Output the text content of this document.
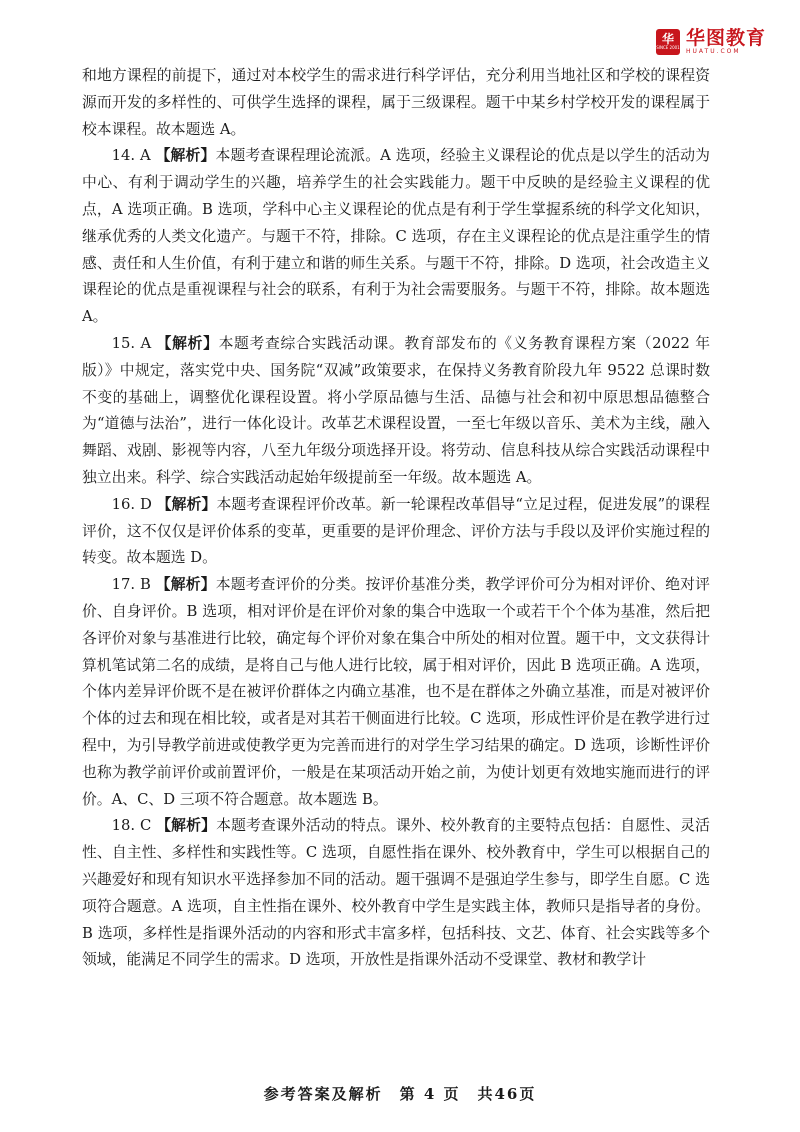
华
SINCE 2001 华图教育
HUATU.COM

和地方课程的前提下，通过对本校学生的需求进行科学评估，充分利用当地社区和学校的课程资源而开发的多样性的、可供学生选择的课程，属于三级课程。题干中某乡村学校开发的课程属于校本课程。故本题选 A。

14. A 【解析】本题考查课程理论流派。A 选项，经验主义课程论的优点是以学生的活动为中心、有利于调动学生的兴趣，培养学生的社会实践能力。题干中反映的是经验主义课程的优点，A 选项正确。B 选项，学科中心主义课程论的优点是有利于学生掌握系统的科学文化知识，继承优秀的人类文化遗产。与题干不符，排除。C 选项，存在主义课程论的优点是注重学生的情感、责任和人生价值，有利于建立和谐的师生关系。与题干不符，排除。D 选项，社会改造主义课程论的优点是重视课程与社会的联系，有利于为社会需要服务。与题干不符，排除。故本题选 A。

15. A 【解析】本题考查综合实践活动课。教育部发布的《义务教育课程方案（2022 年版）》中规定，落实党中央、国务院“双减”政策要求，在保持义务教育阶段九年 9522 总课时数不变的基础上，调整优化课程设置。将小学原品德与生活、品德与社会和初中原思想品德整合为“道德与法治”，进行一体化设计。改革艺术课程设置，一至七年级以音乐、美术为主线，融入舞蹈、戏剧、影视等内容，八至九年级分项选择开设。将劳动、信息科技从综合实践活动课程中独立出来。科学、综合实践活动起始年级提前至一年级。故本题选 A。

16. D 【解析】本题考查课程评价改革。新一轮课程改革倡导“立足过程，促进发展”的课程评价，这不仅仅是评价体系的变革，更重要的是评价理念、评价方法与手段以及评价实施过程的转变。故本题选 D。

17. B 【解析】本题考查评价的分类。按评价基准分类，教学评价可分为相对评价、绝对评价、自身评价。B 选项，相对评价是在评价对象的集合中选取一个或若干个个体为基准，然后把各评价对象与基准进行比较，确定每个评价对象在集合中所处的相对位置。题干中，文文获得计算机笔试第二名的成绩，是将自己与他人进行比较，属于相对评价，因此 B 选项正确。A 选项，个体内差异评价既不是在被评价群体之内确立基准，也不是在群体之外确立基准，而是对被评价个体的过去和现在相比较，或者是对其若干侧面进行比较。C 选项，形成性评价是在教学进行过程中，为引导教学前进或使教学更为完善而进行的对学生学习结果的确定。D 选项，诊断性评价也称为教学前评价或前置评价，一般是在某项活动开始之前，为使计划更有效地实施而进行的评价。A、C、D 三项不符合题意。故本题选 B。

18. C 【解析】本题考查课外活动的特点。课外、校外教育的主要特点包括：自愿性、灵活性、自主性、多样性和实践性等。C 选项，自愿性指在课外、校外教育中，学生可以根据自己的兴趣爱好和现有知识水平选择参加不同的活动。题干强调不是强迫学生参与，即学生自愿。C 选项符合题意。A 选项，自主性指在课外、校外教育中学生是实践主体，教师只是指导者的身份。B 选项，多样性是指课外活动的内容和形式丰富多样，包括科技、文艺、体育、社会实践等多个领域，能满足不同学生的需求。D 选项，开放性是指课外活动不受课堂、教材和教学计

参考答案及解析　第 4 页　共46页
